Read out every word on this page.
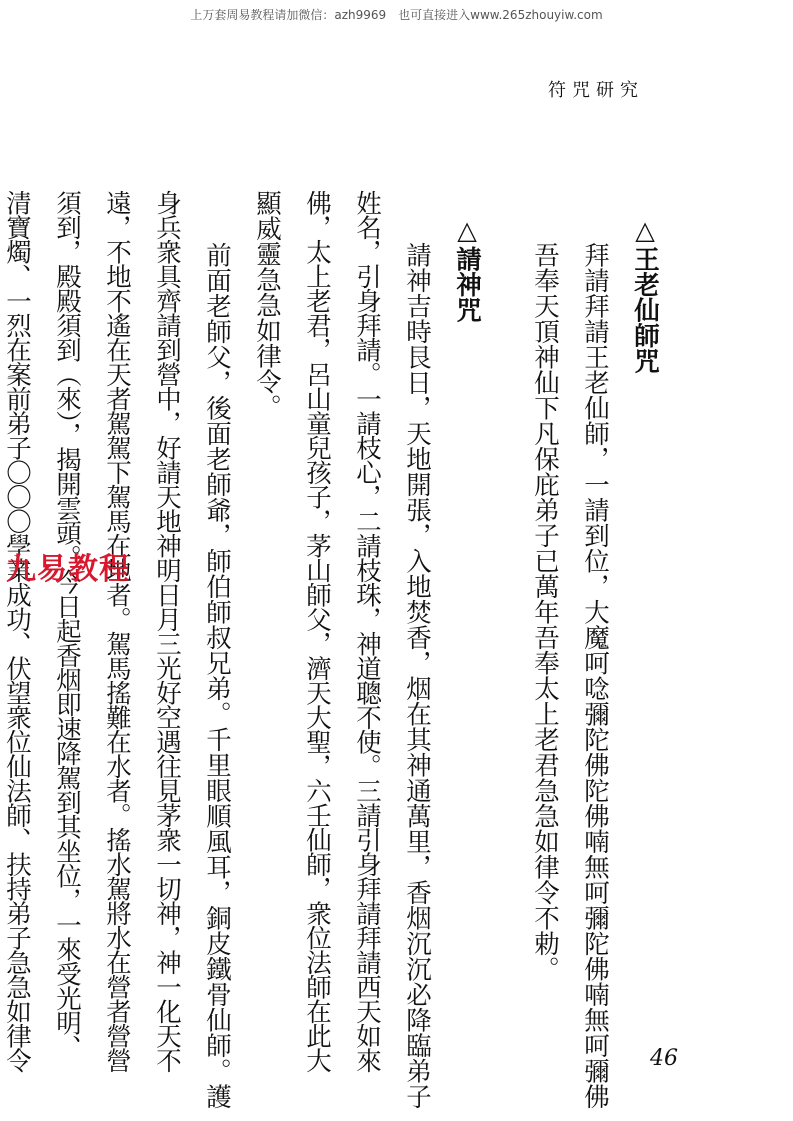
上万套周易教程请加微信：azh9969　也可直接进入www.265zhouyiw.com
符咒研究

△王老仙師咒

拜請拜請王老仙師，一請到位，大魔呵唸彌陀佛陀佛喃無呵彌陀佛喃無呵彌佛

吾奉天頂神仙下凡保庇弟子已萬年吾奉太上老君急急如律令不勅。

△請神咒

請神吉時艮日，天地開張，入地焚香，烟在其神通萬里，香烟沉沉必降臨弟子

姓名，引身拜請。一請枝心，二請枝珠，神道聰不使。三請引身拜請拜請西天如來

佛，太上老君，呂山童兒孩子，茅山師父，濟天大聖，六壬仙師，衆位法師在此大

顯威靈急急如律令。

前面老師父，後面老師爺，師伯師叔兄弟。千里眼順風耳，銅皮鐵骨仙師。護

身兵衆具齊請到營中，好請天地神明日月三光好空遇往見茅衆一切神，神一化天不

遠，不地不遙在天者駕駕下駕馬在地者。駕馬搖難在水者。搖水駕將水在營者營營

須到，殿殿須到（來），揭開雲頭。今日起香烟即速降駕到其坐位，一來受光明、

清寶燭、一烈在案前弟子〇〇〇學業成功、伏望衆位仙法師、扶持弟子急急如律令

九易教程
46
